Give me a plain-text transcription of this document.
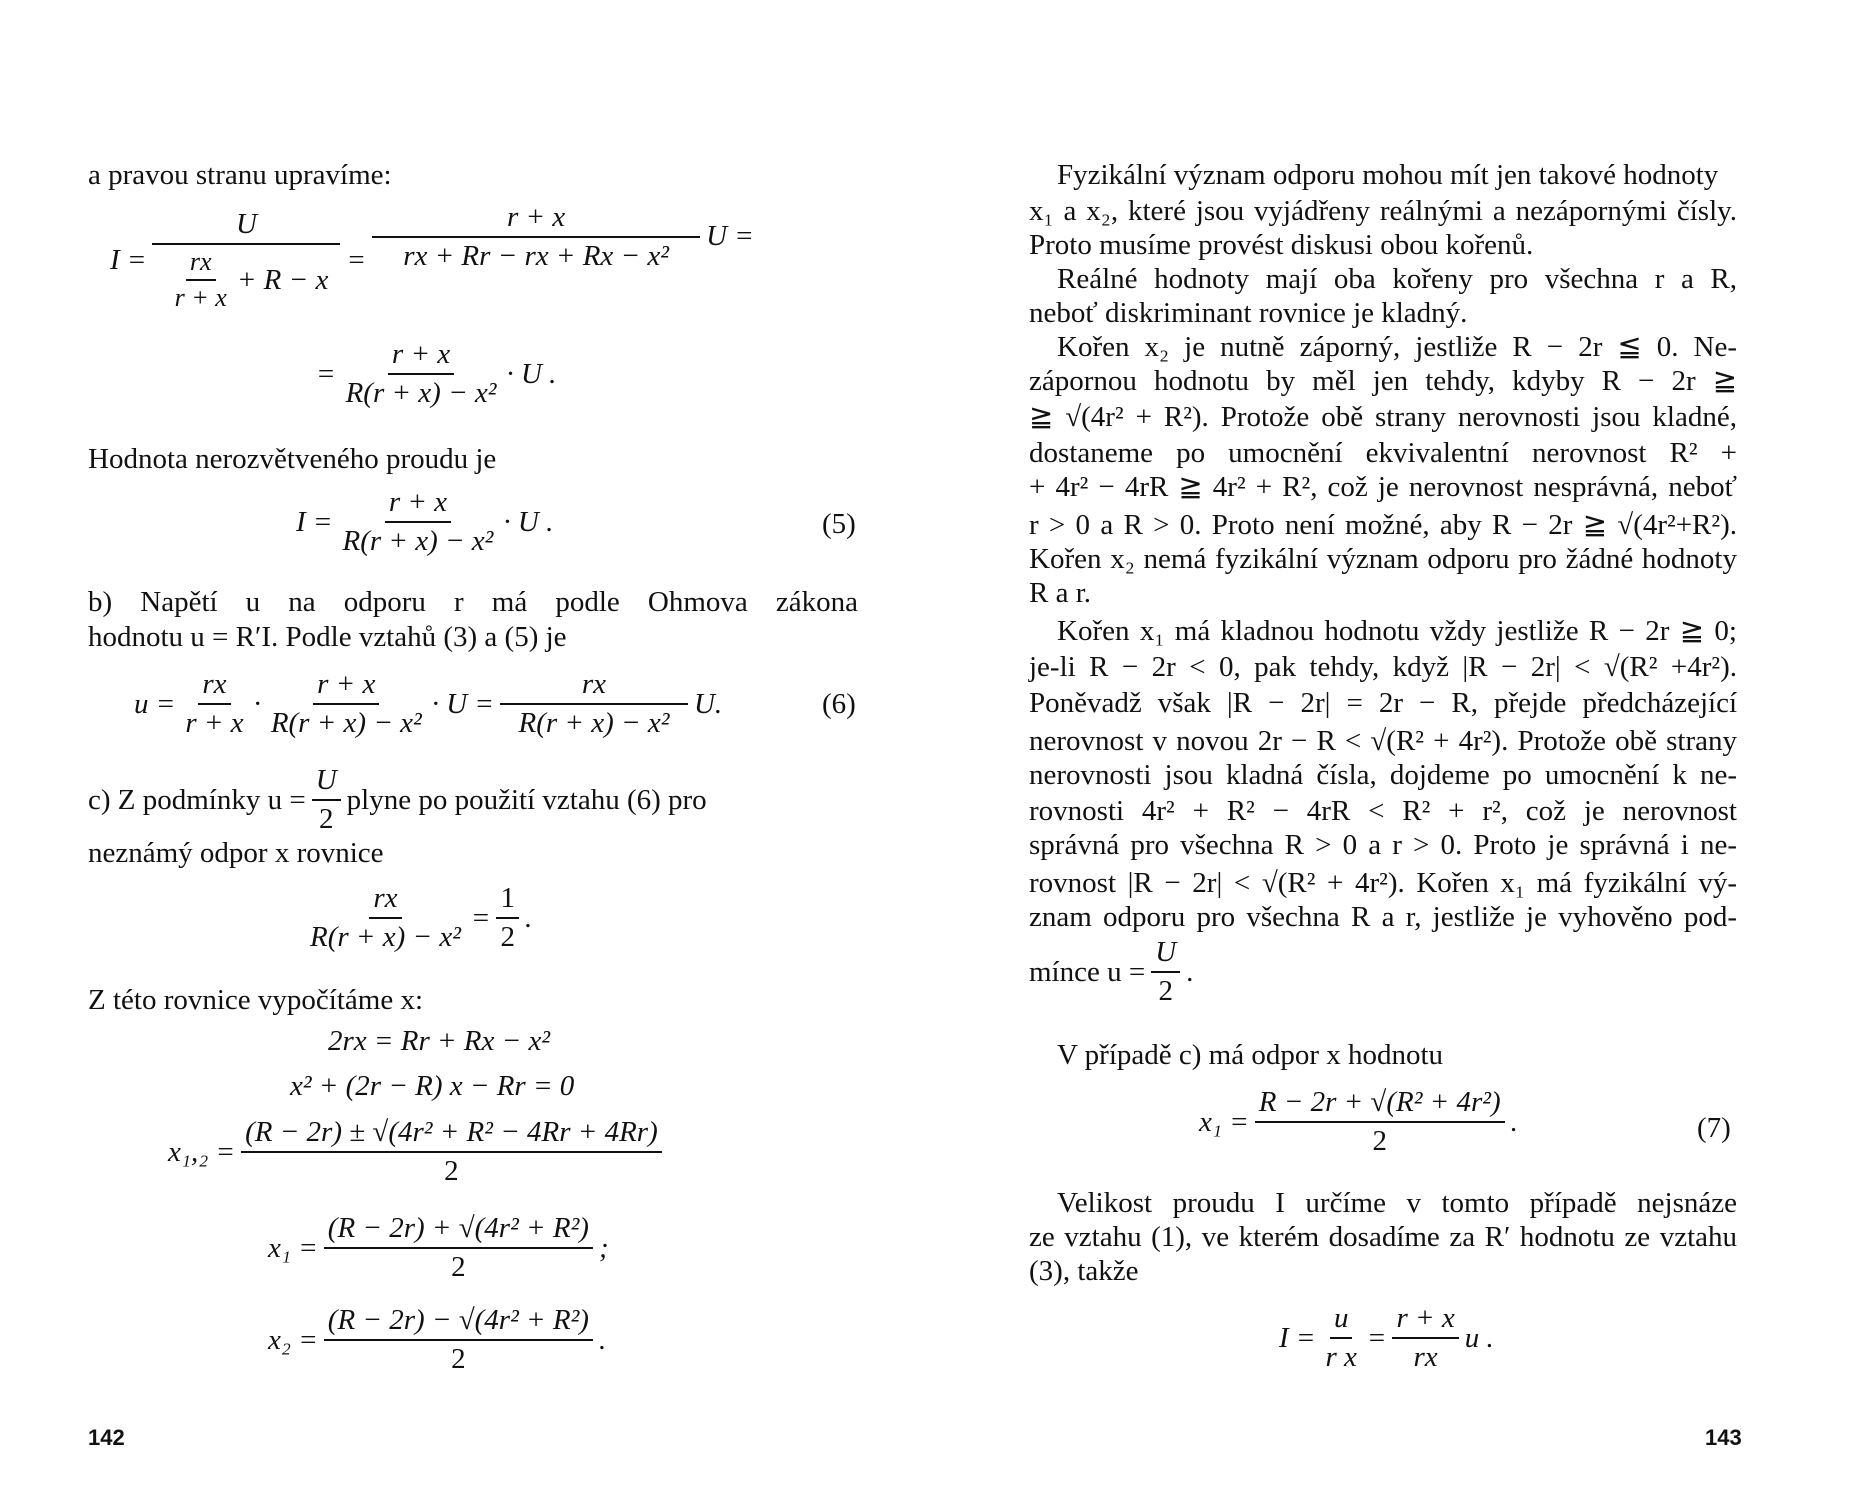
a pravou stranu upravíme:
$I = \frac{U}{\frac{rx}{r + x} + R - x} = \frac{r + x}{\text{rx + Rr − rx + Rx − x²}}$ U =
= $\frac{r + x}{\text{R(r + x) − x²}} \cdot U$ .
Hodnota nerozvětveného proudu je
$I = \frac{r + x}{\text{R(r + x) − x²}} \cdot U$ .	(5)
b) Napětí u na odporu r má podle Ohmova zákona
hodnotu u = R′I. Podle vztahů (3) a (5) je
$u = \frac{rx}{r + x} \cdot \frac{r + x}{\text{R(r + x) − x²}} \cdot U = \frac{rx}{\text{R(r + x) − x²}} U$.	(6)
c) Z podmínky $u = \frac{U}{2}$ plyne po použití vztahu (6) pro
neznámý odpor x rovnice
$\frac{rx}{\text{R(r + x) − x²}} = \frac{1}{2}$ .
Z této rovnice vypočítáme x:
2rx = Rr + Rx − x²
x² + (2r − R) x − Rr = 0
$x_1,_2 = \frac{\text{(R − 2r) ± √(4r² + R² − 4Rr + 4Rr)}}{2}$
$x_1 = \frac{\text{(R − 2r) + √(4r² + R²)}}{2}$ ;
$x_2 = \frac{\text{(R − 2r) − √(4r² + R²)}}{2}$ .
142
Fyzikální význam odporu mohou mít jen takové hodnoty
x₁ a x₂, které jsou vyjádřeny reálnými a nezápornými čísly.
Proto musíme provést diskusi obou kořenů.
Reálné hodnoty mají oba kořeny pro všechna r a R,
neboť diskriminant rovnice je kladný.
Kořen x₂ je nutně záporný, jestliže R − 2r ≦ 0. Ne-
zápornou hodnotu by měl jen tehdy, kdyby R − 2r ≧
≧ √(4r² + R²). Protože obě strany nerovnosti jsou kladné,
dostaneme po umocnění ekvivalentní nerovnost R² +
+ 4r² − 4rR ≧ 4r² + R², což je nerovnost nesprávná, neboť
r > 0 a R > 0. Proto není možné, aby R − 2r ≧ √(4r²+R²).
Kořen x₂ nemá fyzikální význam odporu pro žádné hodnoty
R a r.
Kořen x₁ má kladnou hodnotu vždy jestliže R − 2r ≧ 0;
je-li R − 2r < 0, pak tehdy, když |R − 2r| < √(R² +4r²).
Poněvadž však |R − 2r| = 2r − R, přejde předcházející
nerovnost v novou 2r − R < √(R² + 4r²). Protože obě strany
nerovnosti jsou kladná čísla, dojdeme po umocnění k ne-
rovnosti 4r² + R² − 4rR < R² + r², což je nerovnost
správná pro všechna R > 0 a r > 0. Proto je správná i ne-
rovnost |R − 2r| < √(R² + 4r²). Kořen x₁ má fyzikální vý-
znam odporu pro všechna R a r, jestliže je vyhověno pod-
mínce $u = \frac{U}{2}$ .
V případě c) má odpor x hodnotu
$x_1 = \frac{\text{R − 2r + √(R² + 4r²)}}{2}$ .	(7)
Velikost proudu I určíme v tomto případě nejsnáze
ze vztahu (1), ve kterém dosadíme za R′ hodnotu ze vztahu
(3), takže
$I = \frac{u}{\text{r x}} = \frac{r + x}{rx}$ u .
143
